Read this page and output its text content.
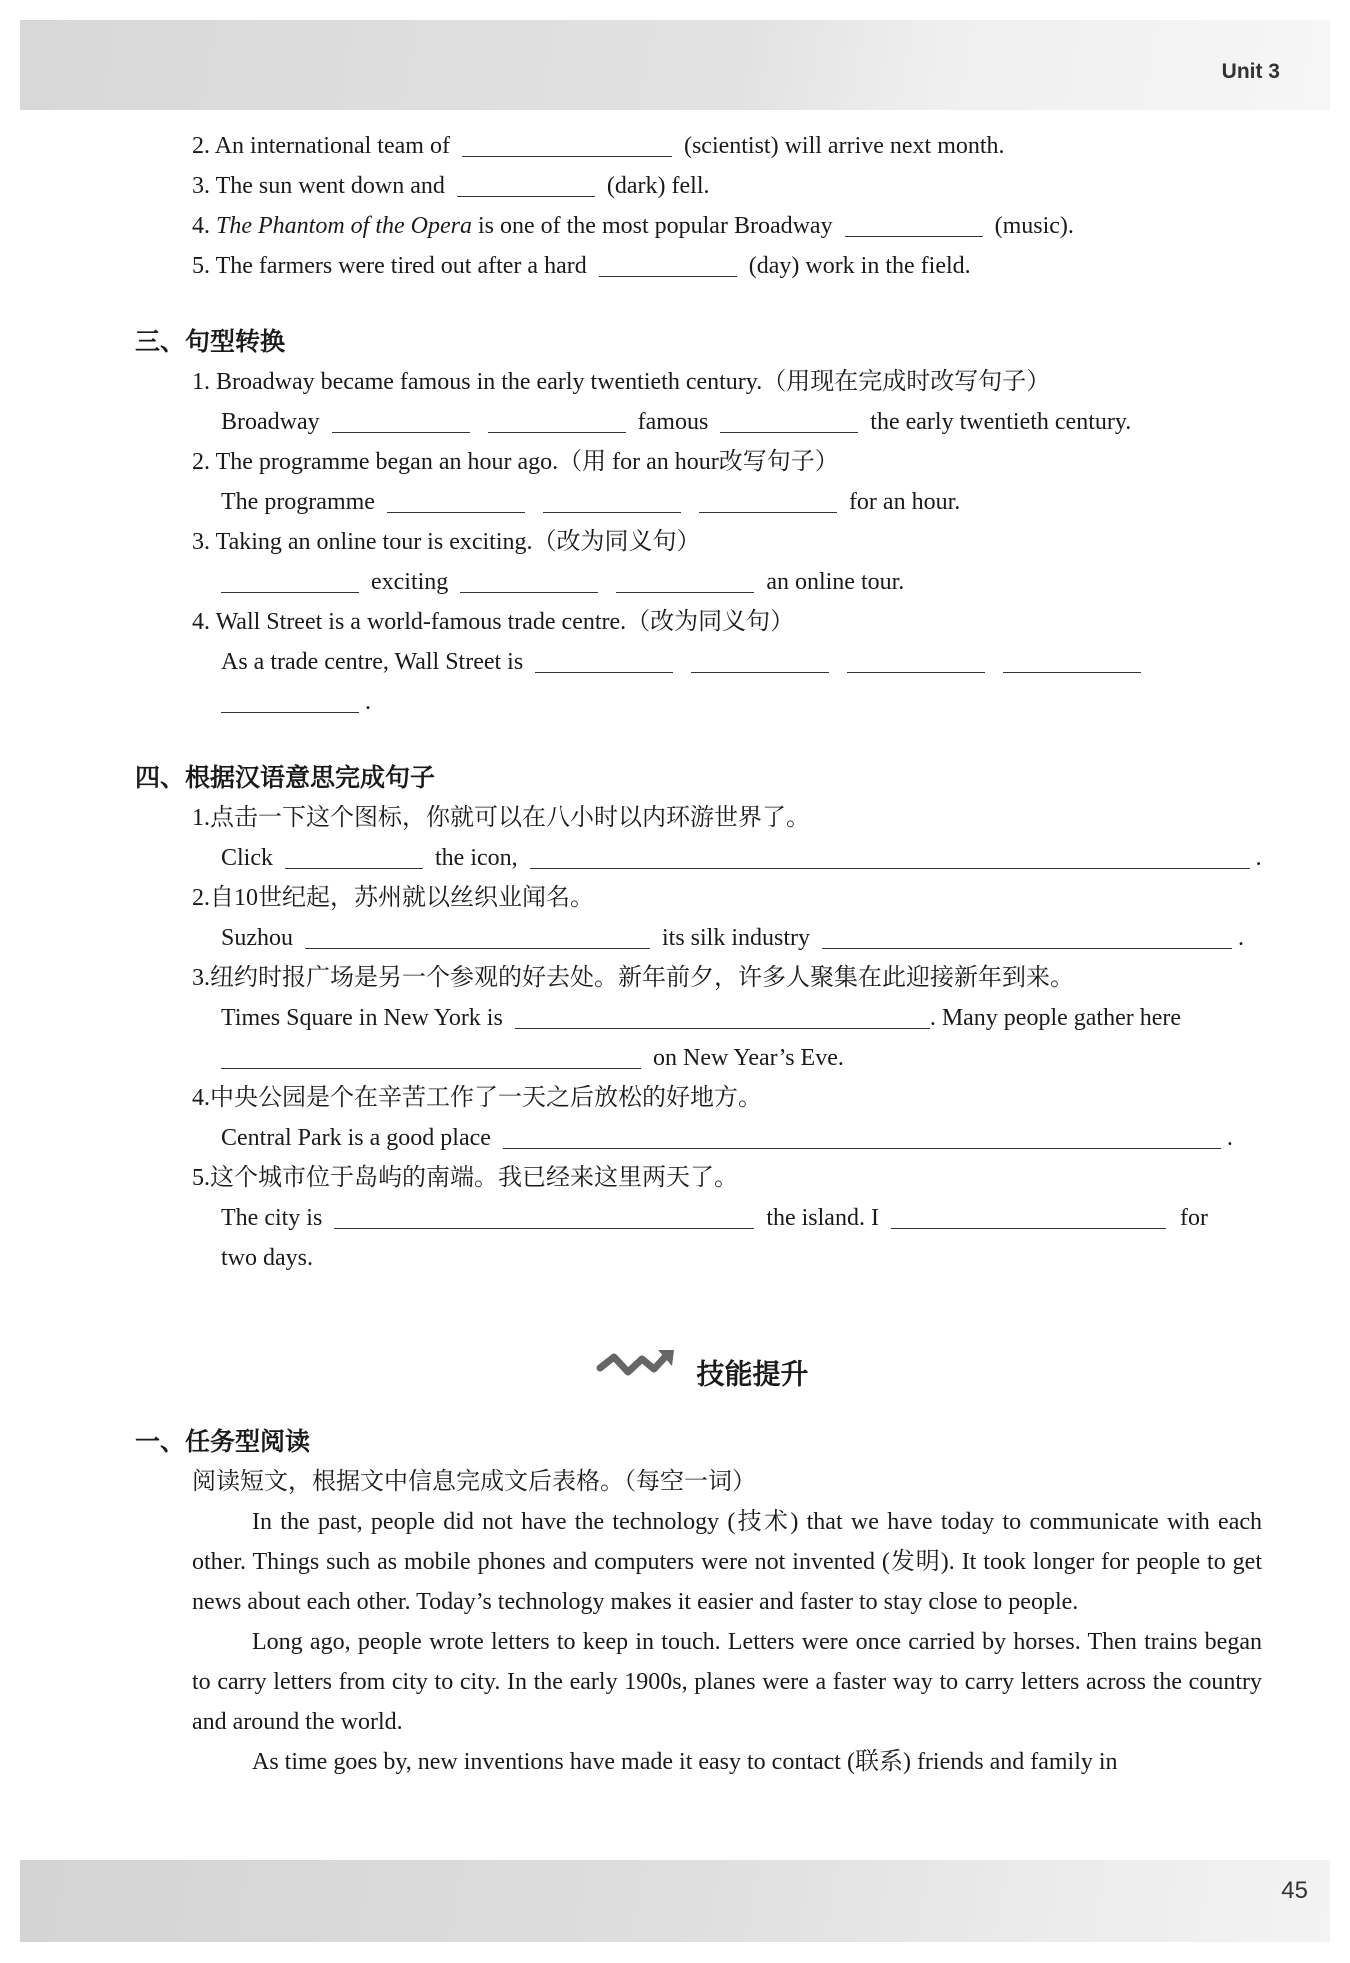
Unit 3
2. An international team of	(scientist) will arrive next month.
3. The sun went down and	(dark) fell.
4. The Phantom of the Opera is one of the most popular Broadway	(music).
5. The farmers were tired out after a hard	(day) work in the field.
三、句型转换
1. Broadway became famous in the early twentieth century.（用现在完成时改写句子）
Broadway	famous	the early twentieth century.
2. The programme began an hour ago.（用 for an hour改写句子）
The programme	for an hour.
3. Taking an online tour is exciting.（改为同义句）
exciting	an online tour.
4. Wall Street is a world-famous trade centre.（改为同义句）
As a trade centre, Wall Street is
.
四、根据汉语意思完成句子
1.点击一下这个图标，你就可以在八小时以内环游世界了。
Click	the icon,	.
2.自10世纪起，苏州就以丝织业闻名。
Suzhou	its silk industry	.
3.纽约时报广场是另一个参观的好去处。新年前夕，许多人聚集在此迎接新年到来。
Times Square in New York is	. Many people gather here
on New Year’s Eve.
4.中央公园是个在辛苦工作了一天之后放松的好地方。
Central Park is a good place	.
5.这个城市位于岛屿的南端。我已经来这里两天了。
The city is	the island. I	for
two days.
技能提升
一、任务型阅读
阅读短文，根据文中信息完成文后表格。（每空一词）
In the past, people did not have the technology (技术) that we have today to communicate with each other. Things such as mobile phones and computers were not invented (发明). It took longer for people to get news about each other. Today’s technology makes it easier and faster to stay close to people.
Long ago, people wrote letters to keep in touch. Letters were once carried by horses. Then trains began to carry letters from city to city. In the early 1900s, planes were a faster way to carry letters across the country and around the world.
As time goes by, new inventions have made it easy to contact (联系) friends and family in
45
